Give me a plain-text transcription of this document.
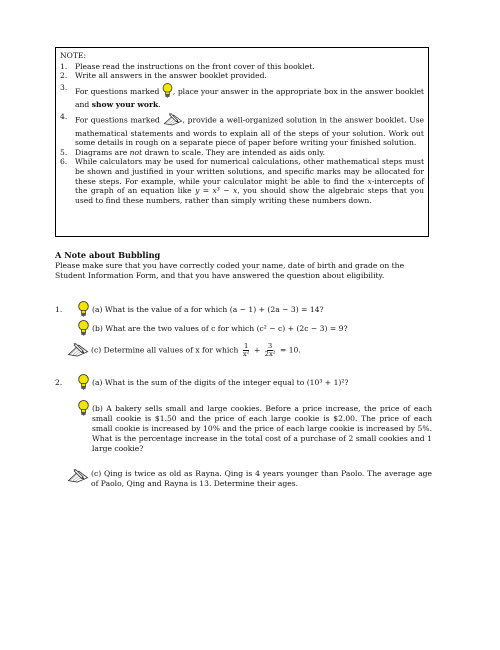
NOTE:
1.	Please read the instructions on the front cover of this booklet.
2.	Write all answers in the answer booklet provided.
3.	For questions marked , place your answer in the appropriate box in the answer booklet and show your work.
4.	For questions marked	, provide a well-organized solution in the answer booklet. Use mathematical statements and words to explain all of the steps of your solution. Work out some details in rough on a separate piece of paper before writing your finished solution.
5.	Diagrams are not drawn to scale. They are intended as aids only.
6.	While calculators may be used for numerical calculations, other mathematical steps must be shown and justified in your written solutions, and specific marks may be allocated for these steps. For example, while your calculator might be able to find the x-intercepts of the graph of an equation like y = x³ − x, you should show the algebraic steps that you used to find these numbers, rather than simply writing these numbers down.
A Note about Bubbling
Please make sure that you have correctly coded your name, date of birth and grade on the Student Information Form, and that you have answered the question about eligibility.
1.	(a) What is the value of a for which (a − 1) + (2a − 3) = 14?
(b) What are the two values of c for which (c² − c) + (2c − 3) = 9?
(c) Determine all values of x for which $\frac{1}{\text{x²}} + \frac{3}{\text{2x²}} = 10$.
2.	(a) What is the sum of the digits of the integer equal to (10³ + 1)²?
(b) A bakery sells small and large cookies. Before a price increase, the price of each small cookie is $1.50 and the price of each large cookie is $2.00. The price of each small cookie is increased by 10% and the price of each large cookie is increased by 5%. What is the percentage increase in the total cost of a purchase of 2 small cookies and 1 large cookie?
(c) Qing is twice as old as Rayna. Qing is 4 years younger than Paolo. The average age of Paolo, Qing and Rayna is 13. Determine their ages.
